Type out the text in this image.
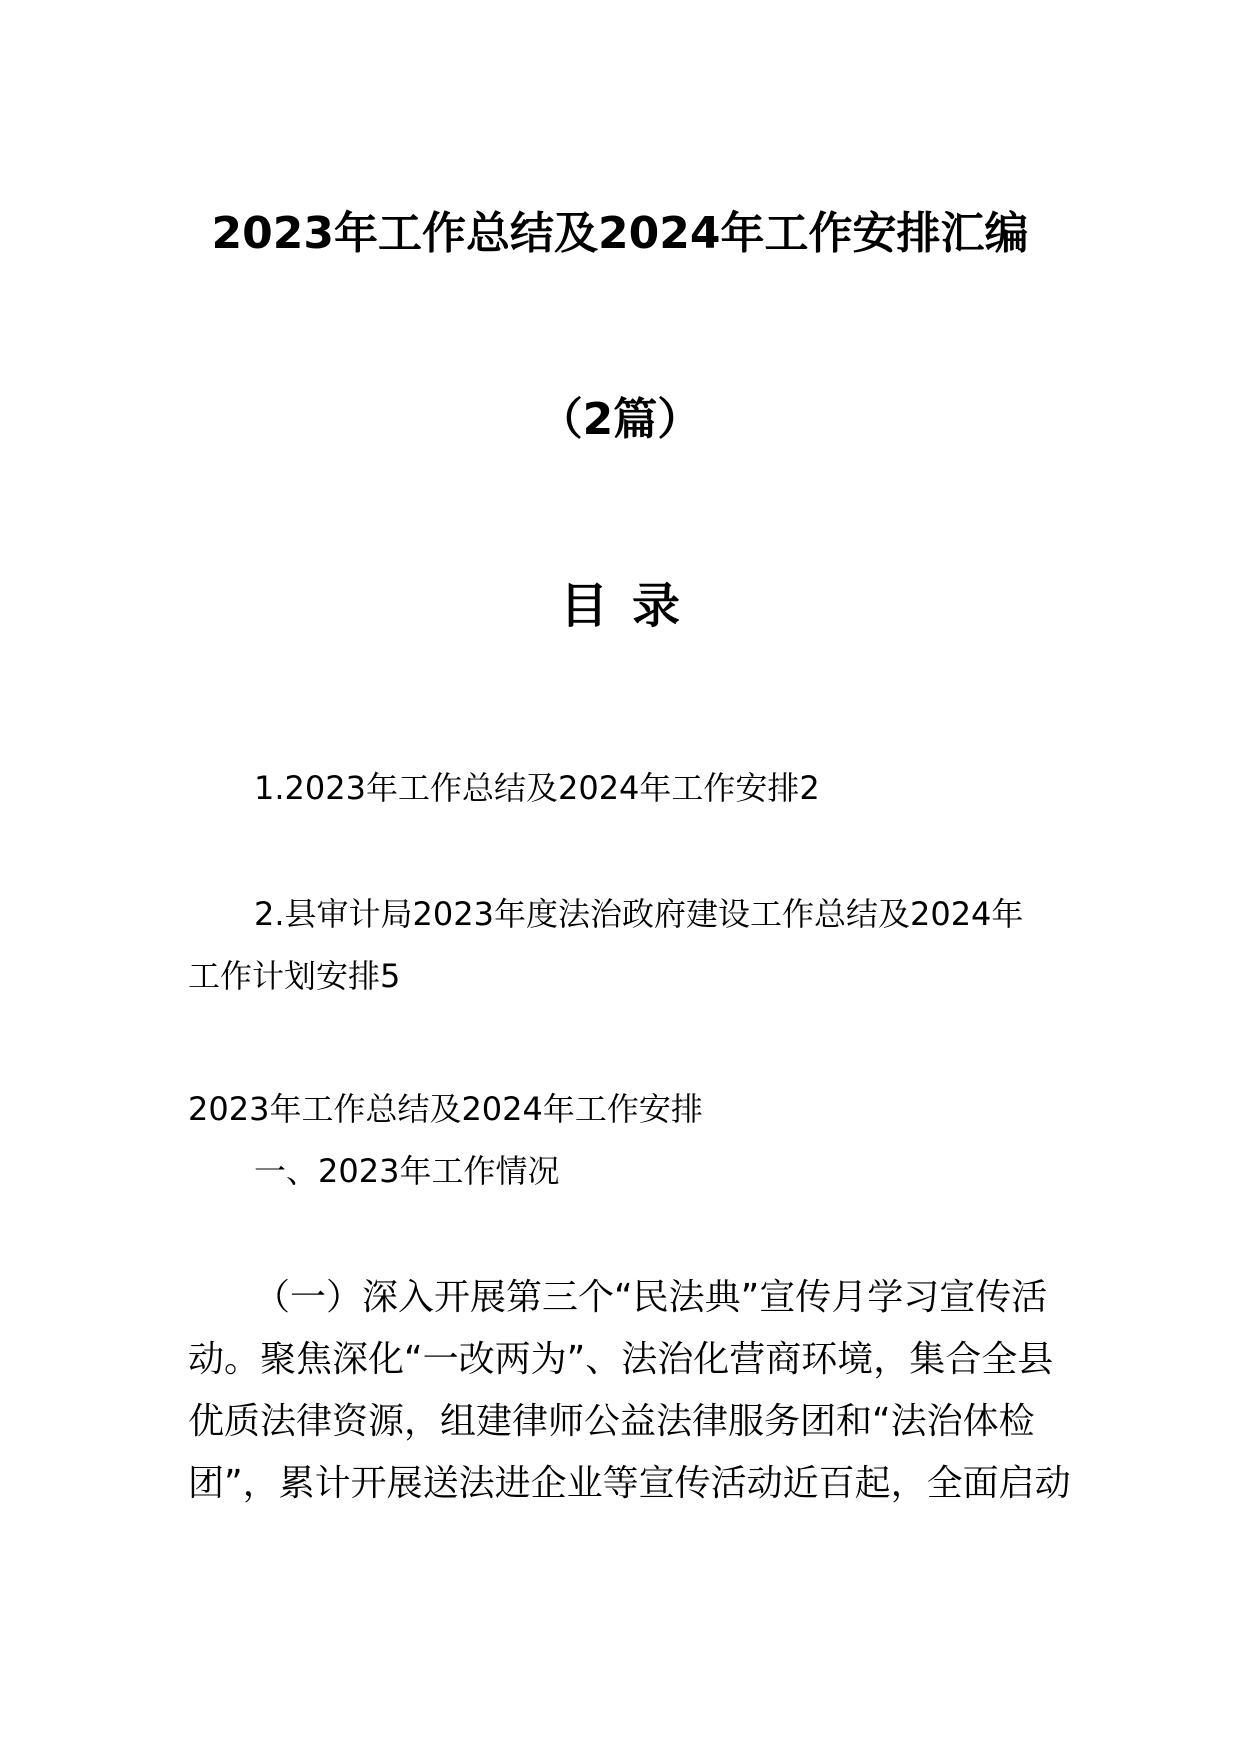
2023年工作总结及2024年工作安排汇编
（2篇）
目录
1.2023年工作总结及2024年工作安排2
2.县审计局2023年度法治政府建设工作总结及2024年
工作计划安排5
2023年工作总结及2024年工作安排
一、2023年工作情况
（一）深入开展第三个“民法典”宣传月学习宣传活
动。聚焦深化“一改两为”、法治化营商环境，集合全县
优质法律资源，组建律师公益法律服务团和“法治体检
团”，累计开展送法进企业等宣传活动近百起，全面启动
